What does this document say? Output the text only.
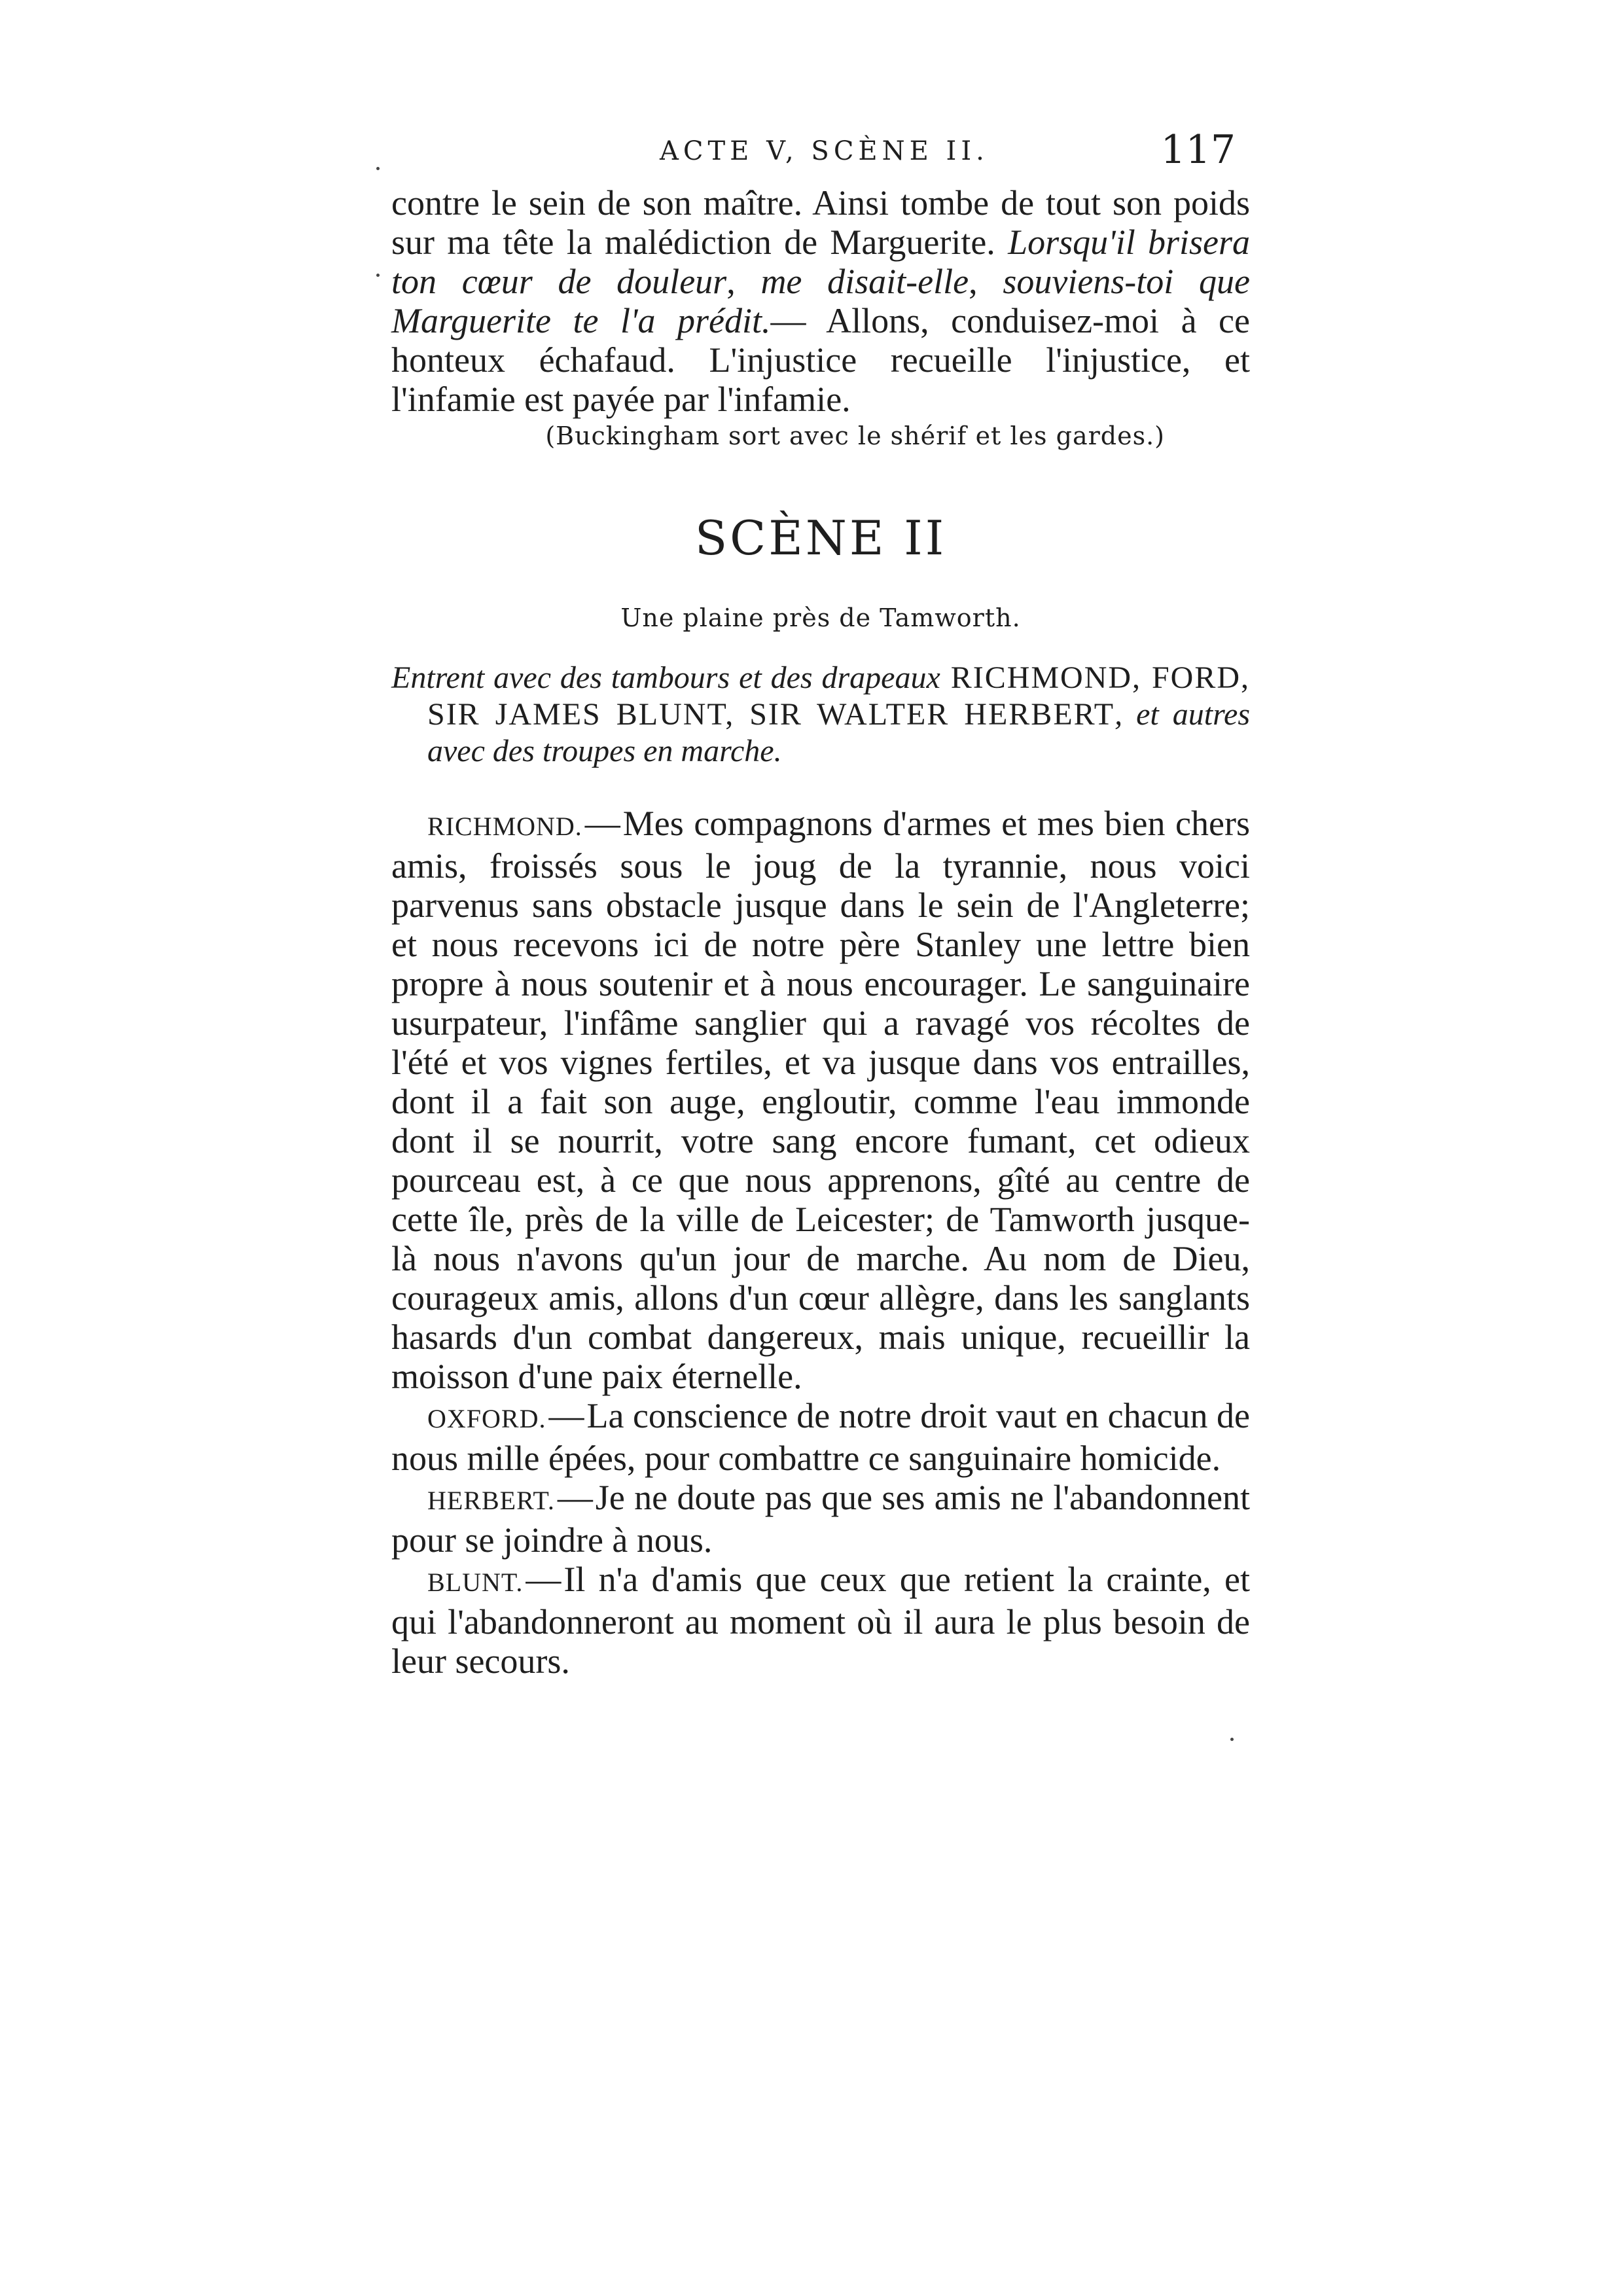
ACTE V, SCÈNE II.	117

contre le sein de son maître. Ainsi tombe de tout son poids sur ma tête la malédiction de Marguerite. Lorsqu'il brisera ton cœur de douleur, me disait-elle, souviens-toi que Marguerite te l'a prédit.— Allons, conduisez-moi à ce honteux échafaud. L'injustice recueille l'injustice, et l'infamie est payée par l'infamie.

(Buckingham sort avec le shérif et les gardes.)
SCÈNE II
Une plaine près de Tamworth.
Entrent avec des tambours et des drapeaux RICHMOND, FORD, SIR JAMES BLUNT, SIR WALTER HERBERT, et autres avec des troupes en marche.

RICHMOND.—Mes compagnons d'armes et mes bien chers amis, froissés sous le joug de la tyrannie, nous voici parvenus sans obstacle jusque dans le sein de l'Angleterre; et nous recevons ici de notre père Stanley une lettre bien propre à nous soutenir et à nous encourager. Le sanguinaire usurpateur, l'infâme sanglier qui a ravagé vos récoltes de l'été et vos vignes fertiles, et va jusque dans vos entrailles, dont il a fait son auge, engloutir, comme l'eau immonde dont il se nourrit, votre sang encore fumant, cet odieux pourceau est, à ce que nous apprenons, gîté au centre de cette île, près de la ville de Leicester; de Tamworth jusque-là nous n'avons qu'un jour de marche. Au nom de Dieu, courageux amis, allons d'un cœur allègre, dans les sanglants hasards d'un combat dangereux, mais unique, recueillir la moisson d'une paix éternelle.

OXFORD.—La conscience de notre droit vaut en chacun de nous mille épées, pour combattre ce sanguinaire homicide.

HERBERT.—Je ne doute pas que ses amis ne l'abandonnent pour se joindre à nous.

BLUNT.—Il n'a d'amis que ceux que retient la crainte, et qui l'abandonneront au moment où il aura le plus besoin de leur secours.
